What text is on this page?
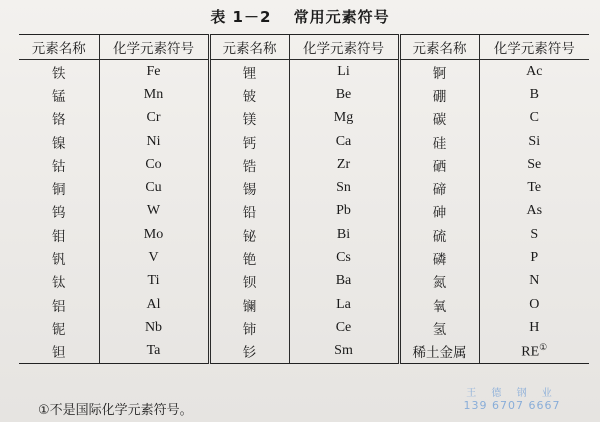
表 1－2 常用元素符号
元素名称	化学元素符号	元素名称	化学元素符号	元素名称	化学元素符号
铁	Fe	锂	Li	锕	Ac
锰	Mn	铍	Be	硼	B
铬	Cr	镁	Mg	碳	C
镍	Ni	钙	Ca	硅	Si
钴	Co	锆	Zr	硒	Se
铜	Cu	锡	Sn	碲	Te
钨	W	铅	Pb	砷	As
钼	Mo	铋	Bi	硫	S
钒	V	铯	Cs	磷	P
钛	Ti	钡	Ba	氮	N
铝	Al	镧	La	氧	O
铌	Nb	铈	Ce	氢	H
钽	Ta	钐	Sm	稀土金属	RE①
①不是国际化学元素符号。
王 德 钢 业
139 6707 6667
